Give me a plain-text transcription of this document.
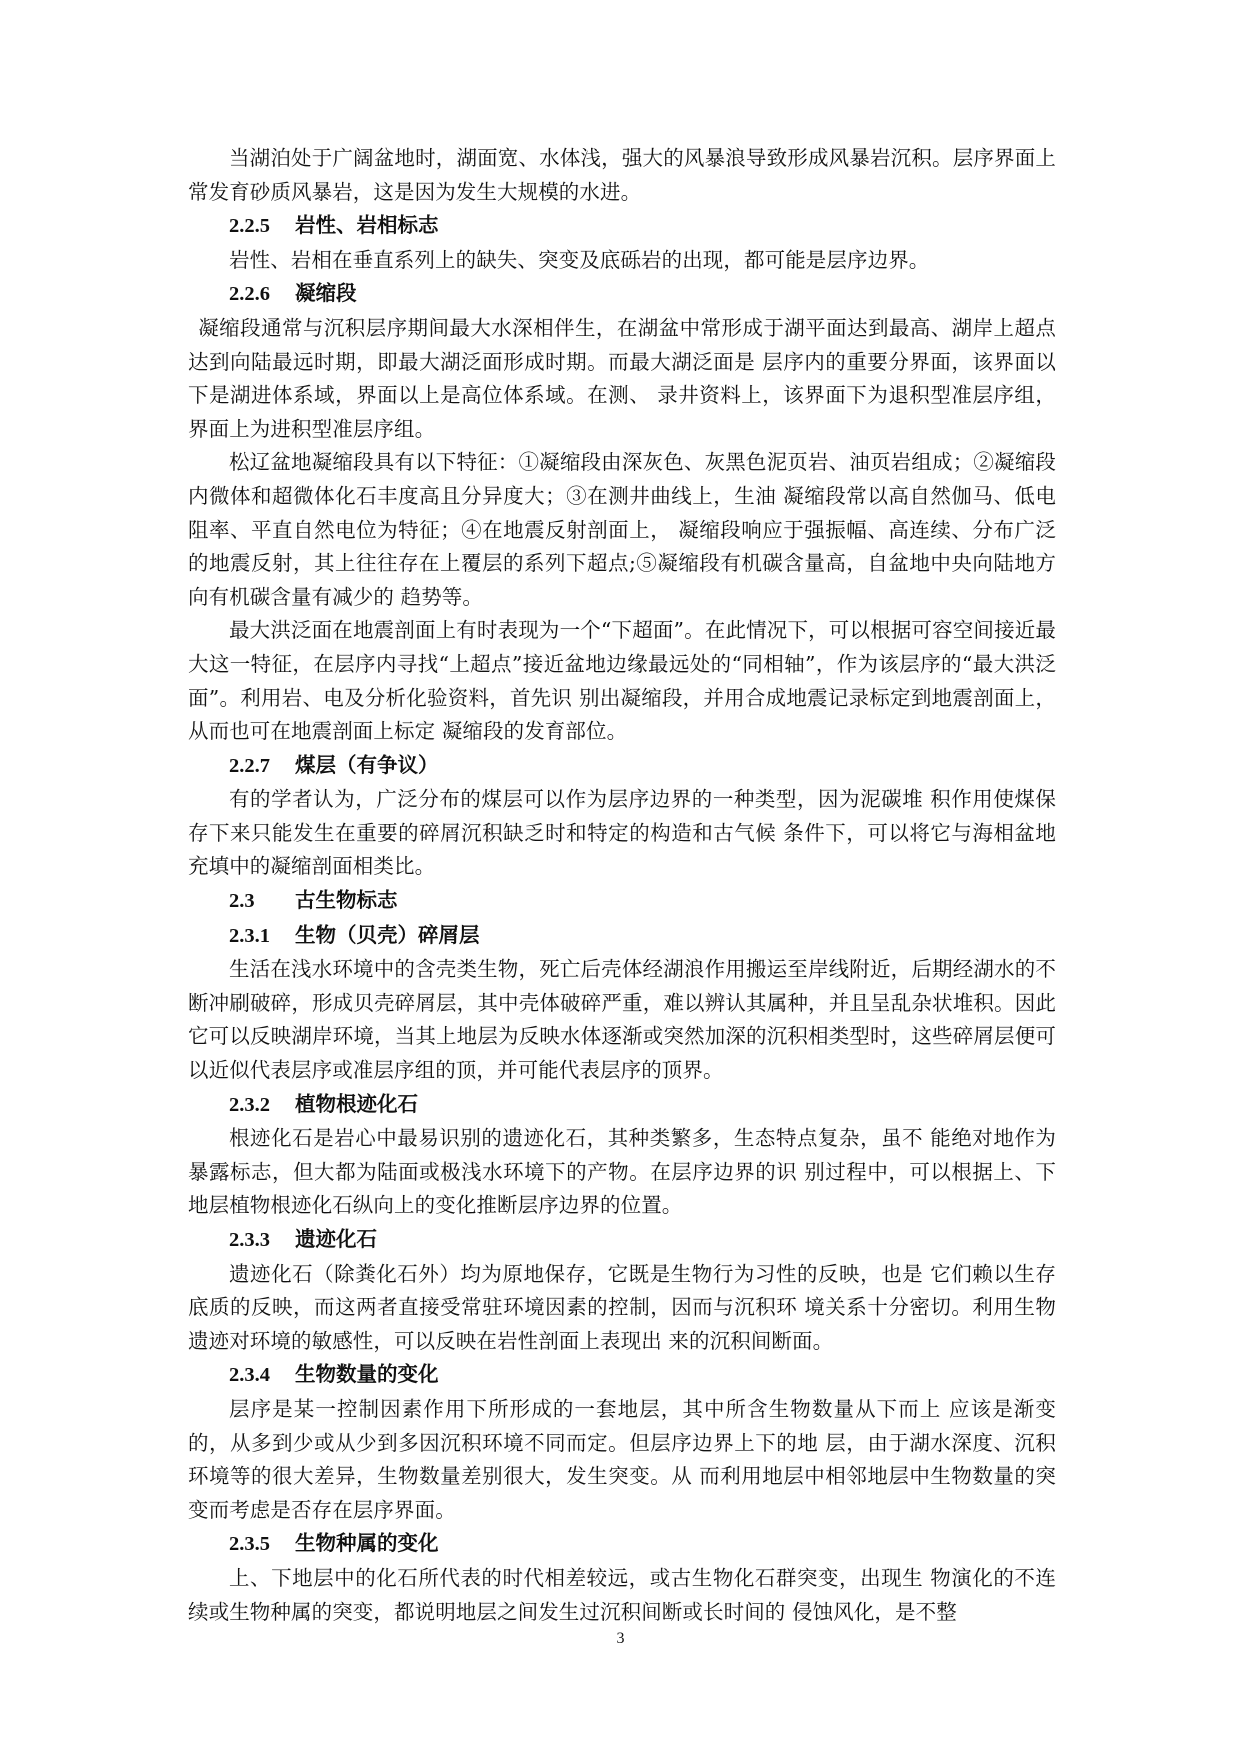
当湖泊处于广阔盆地时，湖面宽、水体浅，强大的风暴浪导致形成风暴岩沉积。层序界面上常发育砂质风暴岩，这是因为发生大规模的水进。

2.2.5 岩性、岩相标志

岩性、岩相在垂直系列上的缺失、突变及底砾岩的出现，都可能是层序边界。

2.2.6 凝缩段

凝缩段通常与沉积层序期间最大水深相伴生，在湖盆中常形成于湖平面达到最高、湖岸上超点达到向陆最远时期，即最大湖泛面形成时期。而最大湖泛面是 层序内的重要分界面，该界面以下是湖进体系域，界面以上是高位体系域。在测、 录井资料上，该界面下为退积型准层序组，界面上为进积型准层序组。

松辽盆地凝缩段具有以下特征：①凝缩段由深灰色、灰黑色泥页岩、油页岩组成；②凝缩段内微体和超微体化石丰度高且分异度大；③在测井曲线上，生油 凝缩段常以高自然伽马、低电阻率、平直自然电位为特征；④在地震反射剖面上， 凝缩段响应于强振幅、高连续、分布广泛的地震反射，其上往往存在上覆层的系列下超点;⑤凝缩段有机碳含量高，自盆地中央向陆地方向有机碳含量有减少的 趋势等。

最大洪泛面在地震剖面上有时表现为一个“下超面”。在此情况下，可以根据可容空间接近最大这一特征，在层序内寻找“上超点”接近盆地边缘最远处的“同相轴”，作为该层序的“最大洪泛面”。利用岩、电及分析化验资料，首先识 别出凝缩段，并用合成地震记录标定到地震剖面上，从而也可在地震剖面上标定 凝缩段的发育部位。

2.2.7 煤层（有争议）

有的学者认为，广泛分布的煤层可以作为层序边界的一种类型，因为泥碳堆 积作用使煤保存下来只能发生在重要的碎屑沉积缺乏时和特定的构造和古气候 条件下，可以将它与海相盆地充填中的凝缩剖面相类比。

2.3 古生物标志
2.3.1 生物（贝壳）碎屑层

生活在浅水环境中的含壳类生物，死亡后壳体经湖浪作用搬运至岸线附近，后期经湖水的不断冲刷破碎，形成贝壳碎屑层，其中壳体破碎严重，难以辨认其属种，并且呈乱杂状堆积。因此它可以反映湖岸环境，当其上地层为反映水体逐渐或突然加深的沉积相类型时，这些碎屑层便可以近似代表层序或准层序组的顶，并可能代表层序的顶界。

2.3.2 植物根迹化石

根迹化石是岩心中最易识别的遗迹化石，其种类繁多，生态特点复杂，虽不 能绝对地作为暴露标志，但大都为陆面或极浅水环境下的产物。在层序边界的识 别过程中，可以根据上、下地层植物根迹化石纵向上的变化推断层序边界的位置。

2.3.3 遗迹化石

遗迹化石（除粪化石外）均为原地保存，它既是生物行为习性的反映，也是 它们赖以生存底质的反映，而这两者直接受常驻环境因素的控制，因而与沉积环 境关系十分密切。利用生物遗迹对环境的敏感性，可以反映在岩性剖面上表现出 来的沉积间断面。

2.3.4 生物数量的变化

层序是某一控制因素作用下所形成的一套地层，其中所含生物数量从下而上 应该是渐变的，从多到少或从少到多因沉积环境不同而定。但层序边界上下的地 层，由于湖水深度、沉积环境等的很大差异，生物数量差别很大，发生突变。从 而利用地层中相邻地层中生物数量的突变而考虑是否存在层序界面。

2.3.5 生物种属的变化

上、下地层中的化石所代表的时代相差较远，或古生物化石群突变，出现生 物演化的不连续或生物种属的突变，都说明地层之间发生过沉积间断或长时间的 侵蚀风化，是不整

3
